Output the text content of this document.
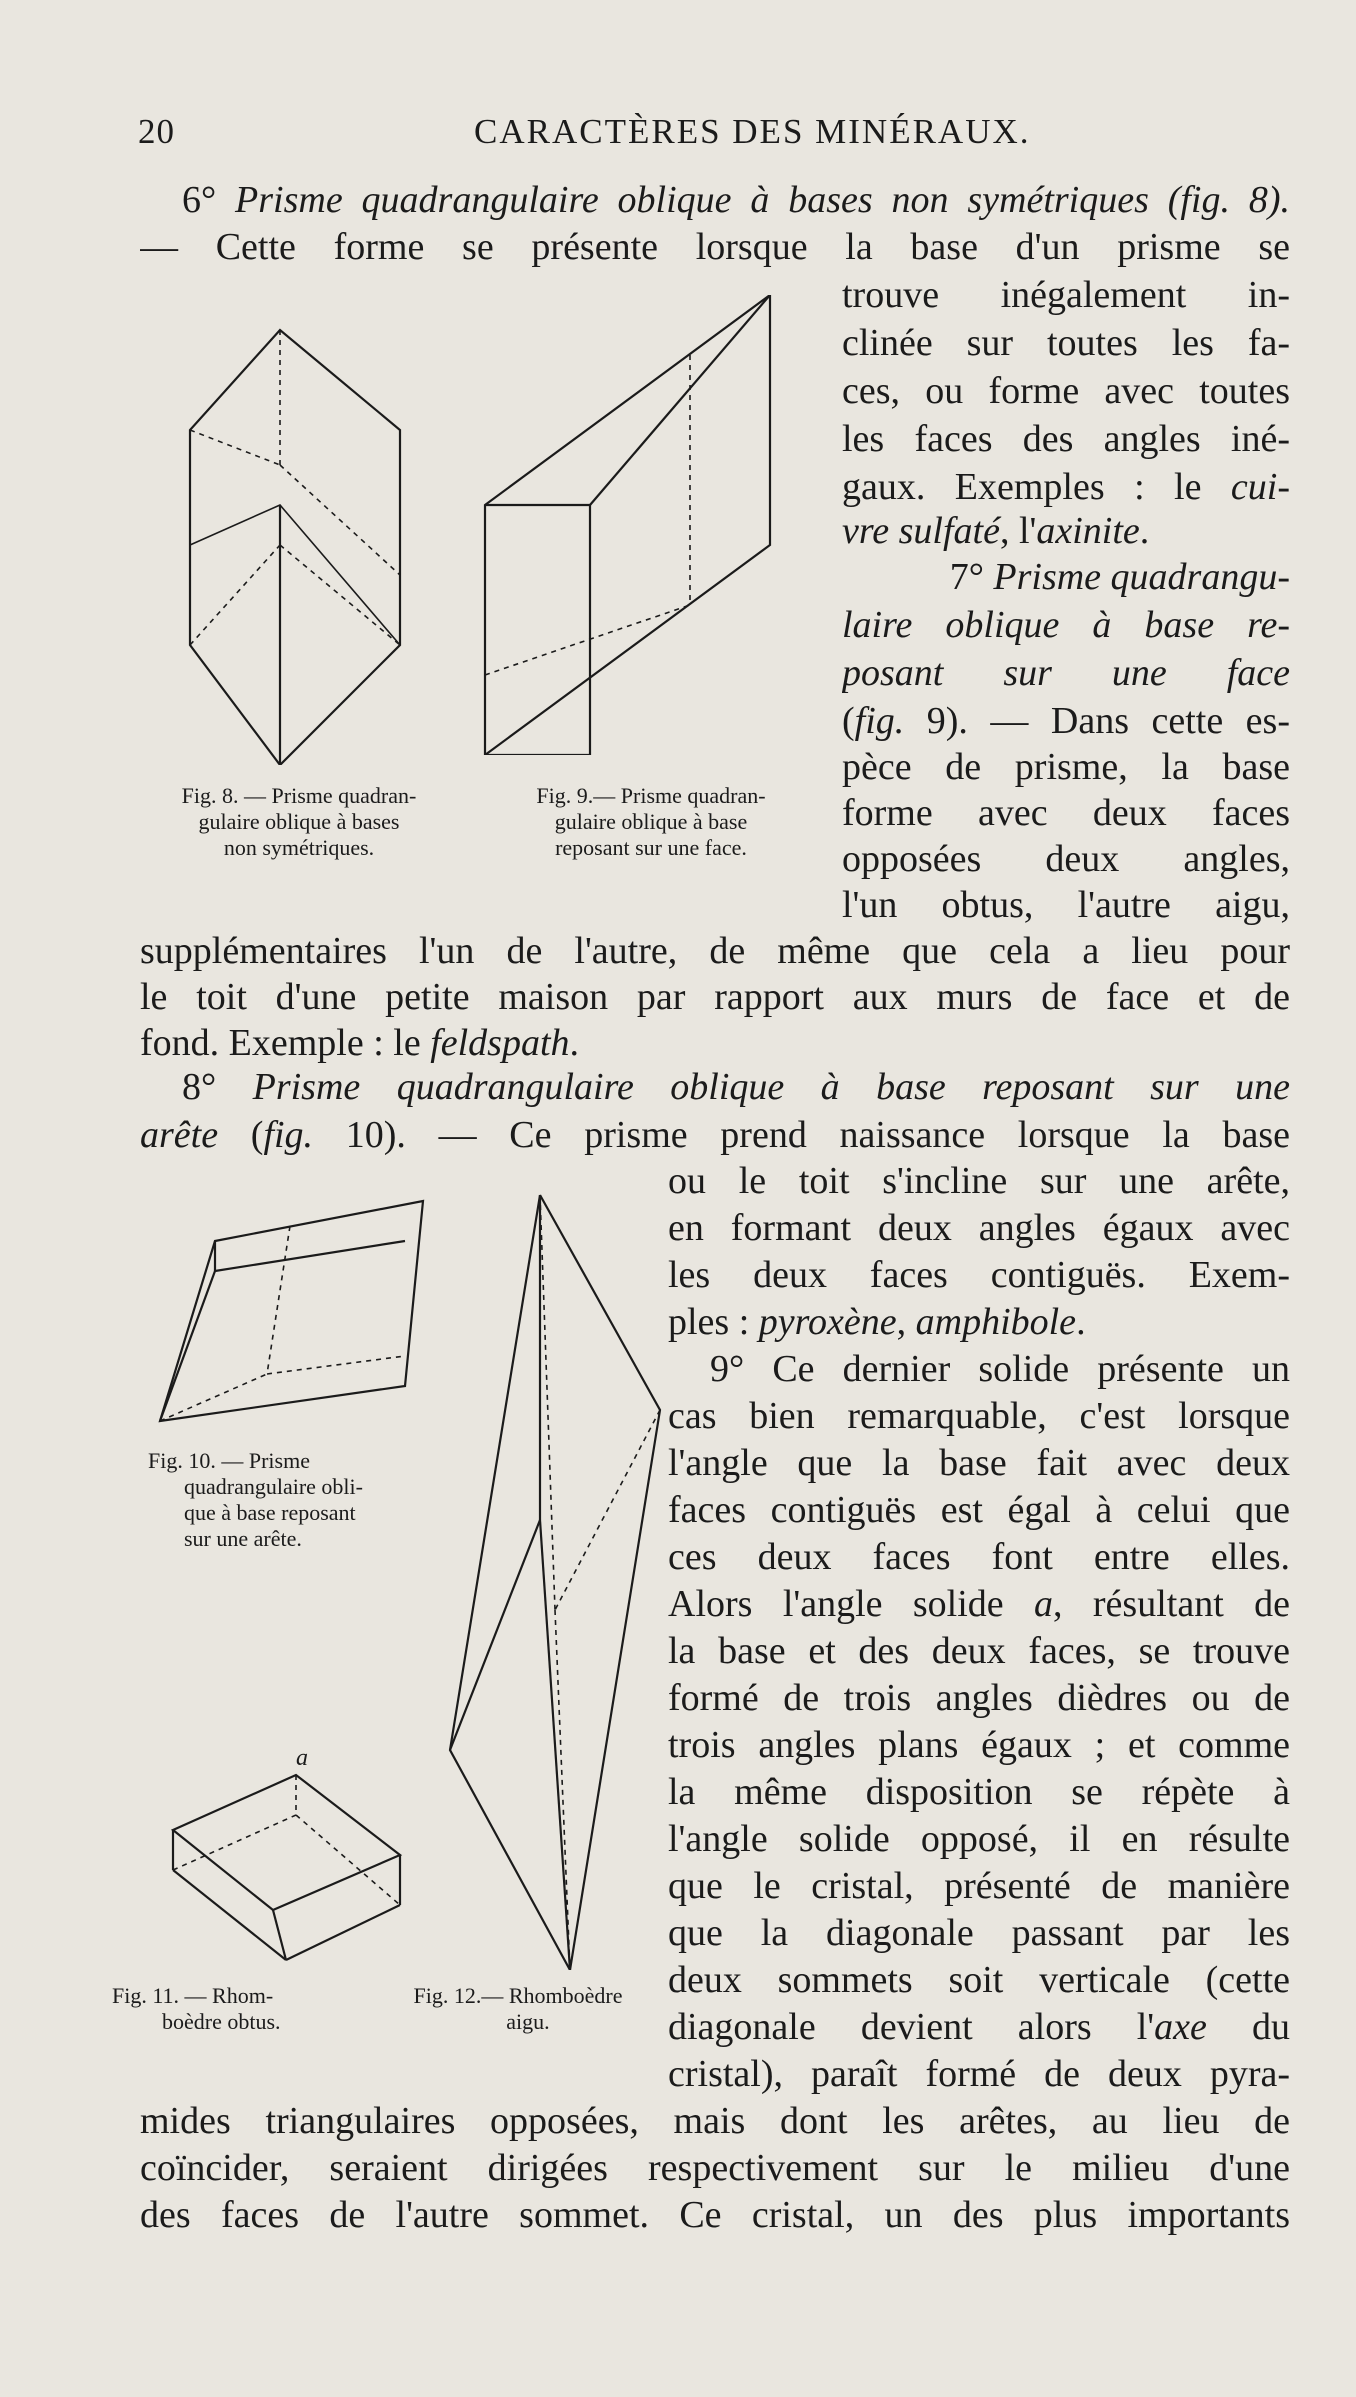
20	CARACTÈRES DES MINÉRAUX.
6° Prisme quadrangulaire oblique à bases non symétriques (fig. 8).
— Cette forme se présente lorsque la base d'un prisme se
trouve inégalement in-
clinée sur toutes les fa-
ces, ou forme avec toutes
les faces des angles iné-
gaux. Exemples : le cui-
vre sulfaté, l'axinite.
7° Prisme quadrangu-
laire oblique à base re-
posant sur une face
(fig. 9). — Dans cette es-
pèce de prisme, la base
forme avec deux faces
opposées deux angles,
l'un obtus, l'autre aigu,
supplémentaires l'un de l'autre, de même que cela a lieu pour
le toit d'une petite maison par rapport aux murs de face et de
fond. Exemple : le feldspath.
8° Prisme quadrangulaire oblique à base reposant sur une
arête (fig. 10). — Ce prisme prend naissance lorsque la base
ou le toit s'incline sur une arête,
en formant deux angles égaux avec
les deux faces contiguës. Exem-
ples : pyroxène, amphibole.
9° Ce dernier solide présente un
cas bien remarquable, c'est lorsque
l'angle que la base fait avec deux
faces contiguës est égal à celui que
ces deux faces font entre elles.
Alors l'angle solide a, résultant de
la base et des deux faces, se trouve
formé de trois angles dièdres ou de
trois angles plans égaux ; et comme
la même disposition se répète à
l'angle solide opposé, il en résulte
que le cristal, présenté de manière
que la diagonale passant par les
deux sommets soit verticale (cette
diagonale devient alors l'axe du
cristal), paraît formé de deux pyra-
mides triangulaires opposées, mais dont les arêtes, au lieu de
coïncider, seraient dirigées respectivement sur le milieu d'une
des faces de l'autre sommet. Ce cristal, un des plus importants
Fig. 8. — Prisme quadran-
gulaire oblique à bases
non symétriques.
Fig. 9.— Prisme quadran-
gulaire oblique à base
reposant sur une face.
Fig. 10. — Prisme
quadrangulaire obli-
que à base reposant
sur une arête.
a
Fig. 11. — Rhom-
boèdre obtus.
Fig. 12.— Rhomboèdre
aigu.
